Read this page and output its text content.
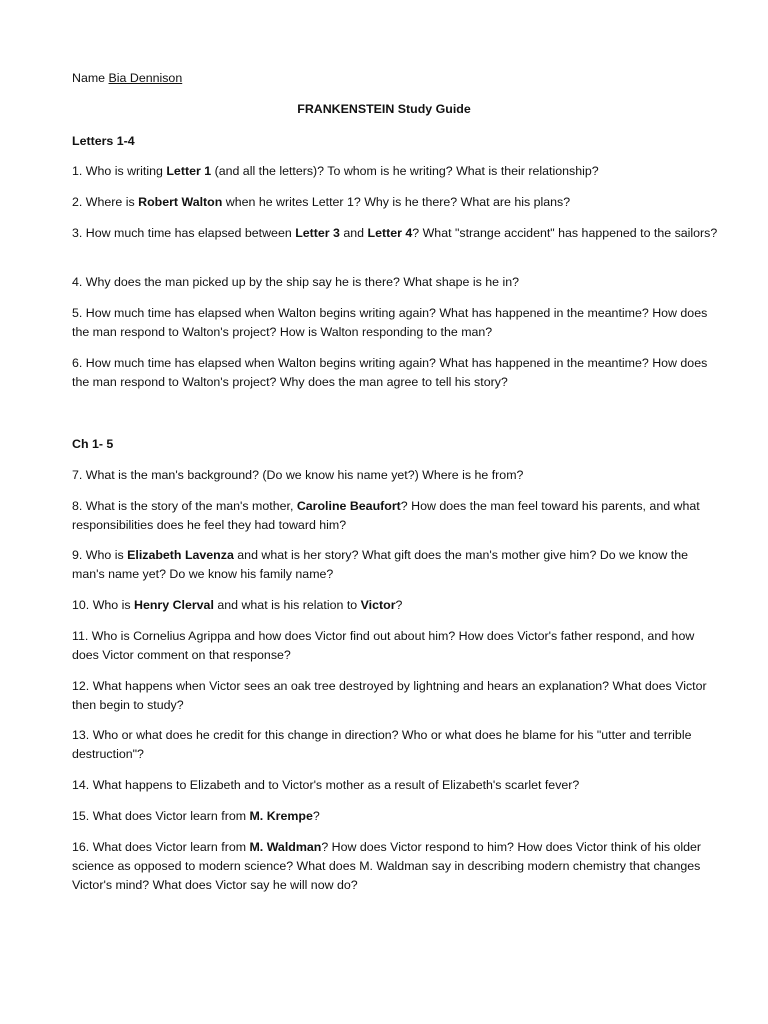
Name Bia Dennison

FRANKENSTEIN Study Guide

Letters 1-4

1. Who is writing Letter 1 (and all the letters)? To whom is he writing? What is their relationship?

2. Where is Robert Walton when he writes Letter 1? Why is he there? What are his plans?

3. How much time has elapsed between Letter 3 and Letter 4? What "strange accident" has happened to the sailors?

4. Why does the man picked up by the ship say he is there? What shape is he in?

5. How much time has elapsed when Walton begins writing again? What has happened in the meantime? How does the man respond to Walton's project? How is Walton responding to the man?

6. How much time has elapsed when Walton begins writing again? What has happened in the meantime? How does the man respond to Walton's project? Why does the man agree to tell his story?

Ch 1- 5

7. What is the man's background? (Do we know his name yet?) Where is he from?

8. What is the story of the man's mother, Caroline Beaufort? How does the man feel toward his parents, and what responsibilities does he feel they had toward him?

9. Who is Elizabeth Lavenza and what is her story? What gift does the man's mother give him? Do we know the man's name yet? Do we know his family name?

10. Who is Henry Clerval and what is his relation to Victor?

11. Who is Cornelius Agrippa and how does Victor find out about him? How does Victor's father respond, and how does Victor comment on that response?

12. What happens when Victor sees an oak tree destroyed by lightning and hears an explanation? What does Victor then begin to study?

13. Who or what does he credit for this change in direction? Who or what does he blame for his "utter and terrible destruction"?

14. What happens to Elizabeth and to Victor's mother as a result of Elizabeth's scarlet fever?

15. What does Victor learn from M. Krempe?

16. What does Victor learn from M. Waldman? How does Victor respond to him? How does Victor think of his older science as opposed to modern science? What does M. Waldman say in describing modern chemistry that changes Victor's mind? What does Victor say he will now do?
